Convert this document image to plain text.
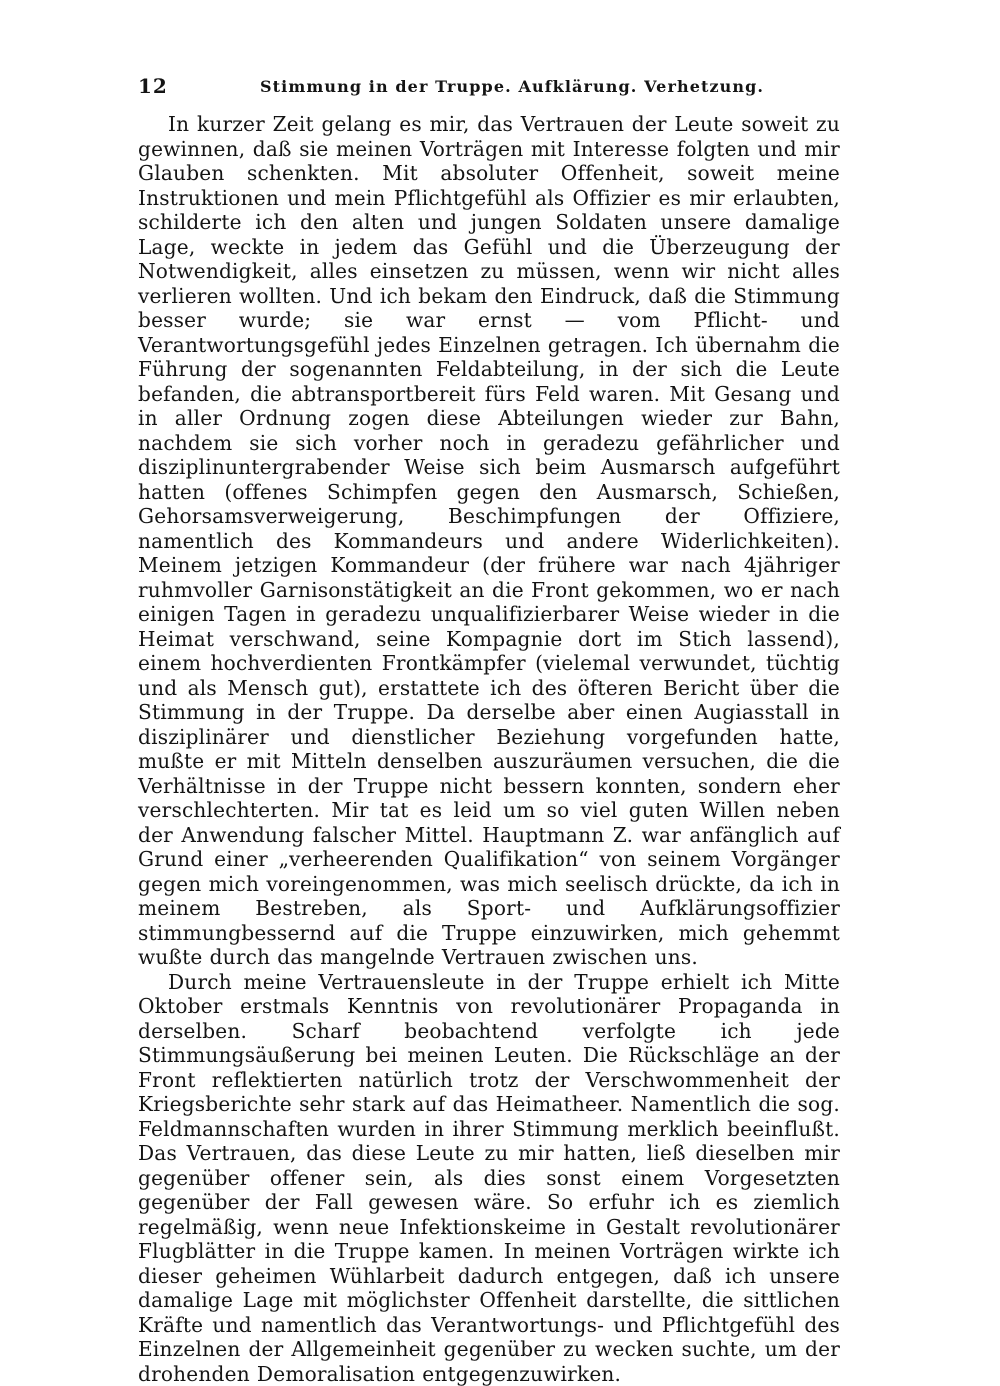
12	Stimmung in der Truppe. Aufklärung. Verhetzung.

In kurzer Zeit gelang es mir, das Vertrauen der Leute soweit zu gewinnen, daß sie meinen Vorträgen mit Interesse folgten und mir Glauben schenkten. Mit absoluter Offenheit, soweit meine Instruktionen und mein Pflichtgefühl als Offizier es mir erlaubten, schilderte ich den alten und jungen Soldaten unsere damalige Lage, weckte in jedem das Gefühl und die Überzeugung der Notwendigkeit, alles einsetzen zu müssen, wenn wir nicht alles verlieren wollten. Und ich bekam den Eindruck, daß die Stimmung besser wurde; sie war ernst — vom Pflicht- und Verantwortungsgefühl jedes Einzelnen getragen. Ich übernahm die Führung der sogenannten Feldabteilung, in der sich die Leute befanden, die abtransportbereit fürs Feld waren. Mit Gesang und in aller Ordnung zogen diese Abteilungen wieder zur Bahn, nachdem sie sich vorher noch in geradezu gefährlicher und disziplinuntergrabender Weise sich beim Ausmarsch aufgeführt hatten (offenes Schimpfen gegen den Ausmarsch, Schießen, Gehorsamsverweigerung, Beschimpfungen der Offiziere, namentlich des Kommandeurs und andere Widerlichkeiten). Meinem jetzigen Kommandeur (der frühere war nach 4jähriger ruhmvoller Garnisonstätigkeit an die Front gekommen, wo er nach einigen Tagen in geradezu unqualifizierbarer Weise wieder in die Heimat verschwand, seine Kompagnie dort im Stich lassend), einem hochverdienten Frontkämpfer (vielemal verwundet, tüchtig und als Mensch gut), erstattete ich des öfteren Bericht über die Stimmung in der Truppe. Da derselbe aber einen Augiasstall in disziplinärer und dienstlicher Beziehung vorgefunden hatte, mußte er mit Mitteln denselben auszuräumen versuchen, die die Verhältnisse in der Truppe nicht bessern konnten, sondern eher verschlechterten. Mir tat es leid um so viel guten Willen neben der Anwendung falscher Mittel. Hauptmann Z. war anfänglich auf Grund einer „verheerenden Qualifikation“ von seinem Vorgänger gegen mich voreingenommen, was mich seelisch drückte, da ich in meinem Bestreben, als Sport- und Aufklärungsoffizier stimmungbessernd auf die Truppe einzuwirken, mich gehemmt wußte durch das mangelnde Vertrauen zwischen uns.

Durch meine Vertrauensleute in der Truppe erhielt ich Mitte Oktober erstmals Kenntnis von revolutionärer Propaganda in derselben. Scharf beobachtend verfolgte ich jede Stimmungsäußerung bei meinen Leuten. Die Rückschläge an der Front reflektierten natürlich trotz der Verschwommenheit der Kriegsberichte sehr stark auf das Heimatheer. Namentlich die sog. Feldmannschaften wurden in ihrer Stimmung merklich beeinflußt. Das Vertrauen, das diese Leute zu mir hatten, ließ dieselben mir gegenüber offener sein, als dies sonst einem Vorgesetzten gegenüber der Fall gewesen wäre. So erfuhr ich es ziemlich regelmäßig, wenn neue Infektionskeime in Gestalt revolutionärer Flugblätter in die Truppe kamen. In meinen Vorträgen wirkte ich dieser geheimen Wühlarbeit dadurch entgegen, daß ich unsere damalige Lage mit möglichster Offenheit darstellte, die sittlichen Kräfte und namentlich das Verantwortungs- und Pflichtgefühl des Einzelnen der Allgemeinheit gegenüber zu wecken suchte, um der drohenden Demoralisation entgegenzuwirken.
